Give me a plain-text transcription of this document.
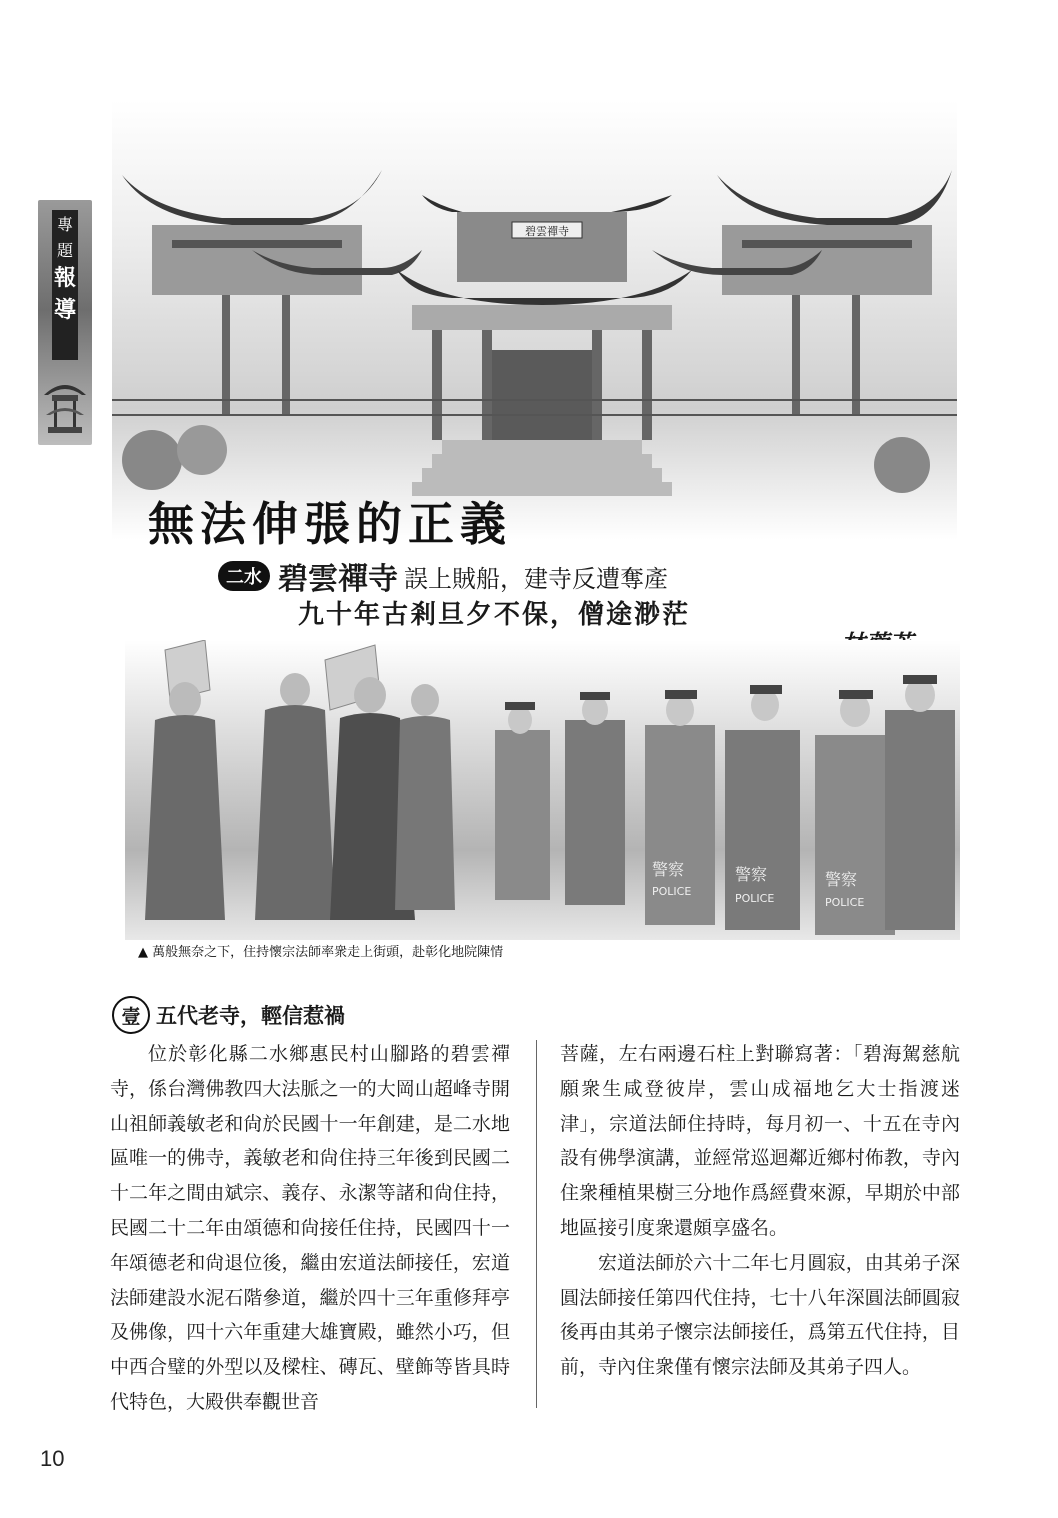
專
題
報
導
碧雲禪寺
無法伸張的正義
二水 碧雲禪寺 誤上賊船，建寺反遭奪產
九十年古剎旦夕不保，僧途渺茫
警察
POLICE
警察
POLICE
警察
POLICE
▲ 萬般無奈之下，住持懷宗法師率衆走上街頭，赴彰化地院陳情
壹 五代老寺，輕信惹禍

位於彰化縣二水鄉惠民村山腳路的碧雲禪寺，係台灣佛教四大法脈之一的大岡山超峰寺開山祖師義敏老和尙於民國十一年創建，是二水地區唯一的佛寺，義敏老和尙住持三年後到民國二十二年之間由斌宗、義存、永潔等諸和尙住持，民國二十二年由頌德和尙接任住持，民國四十一年頌德老和尙退位後，繼由宏道法師接任，宏道法師建設水泥石階參道，繼於四十三年重修拜亭及佛像，四十六年重建大雄寶殿，雖然小巧，但中西合璧的外型以及樑柱、磚瓦、壁飾等皆具時代特色，大殿供奉觀世音

菩薩，左右兩邊石柱上對聯寫著：「碧海駕慈航願衆生咸登彼岸，雲山成福地乞大士指渡迷津」，宗道法師住持時，每月初一、十五在寺內設有佛學演講，並經常巡迴鄰近鄉村佈教，寺內住衆種植果樹三分地作爲經費來源，早期於中部地區接引度衆還頗享盛名。

宏道法師於六十二年七月圓寂，由其弟子深圓法師接任第四代住持，七十八年深圓法師圓寂後再由其弟子懷宗法師接任，爲第五代住持，目前，寺內住衆僅有懷宗法師及其弟子四人。

10
